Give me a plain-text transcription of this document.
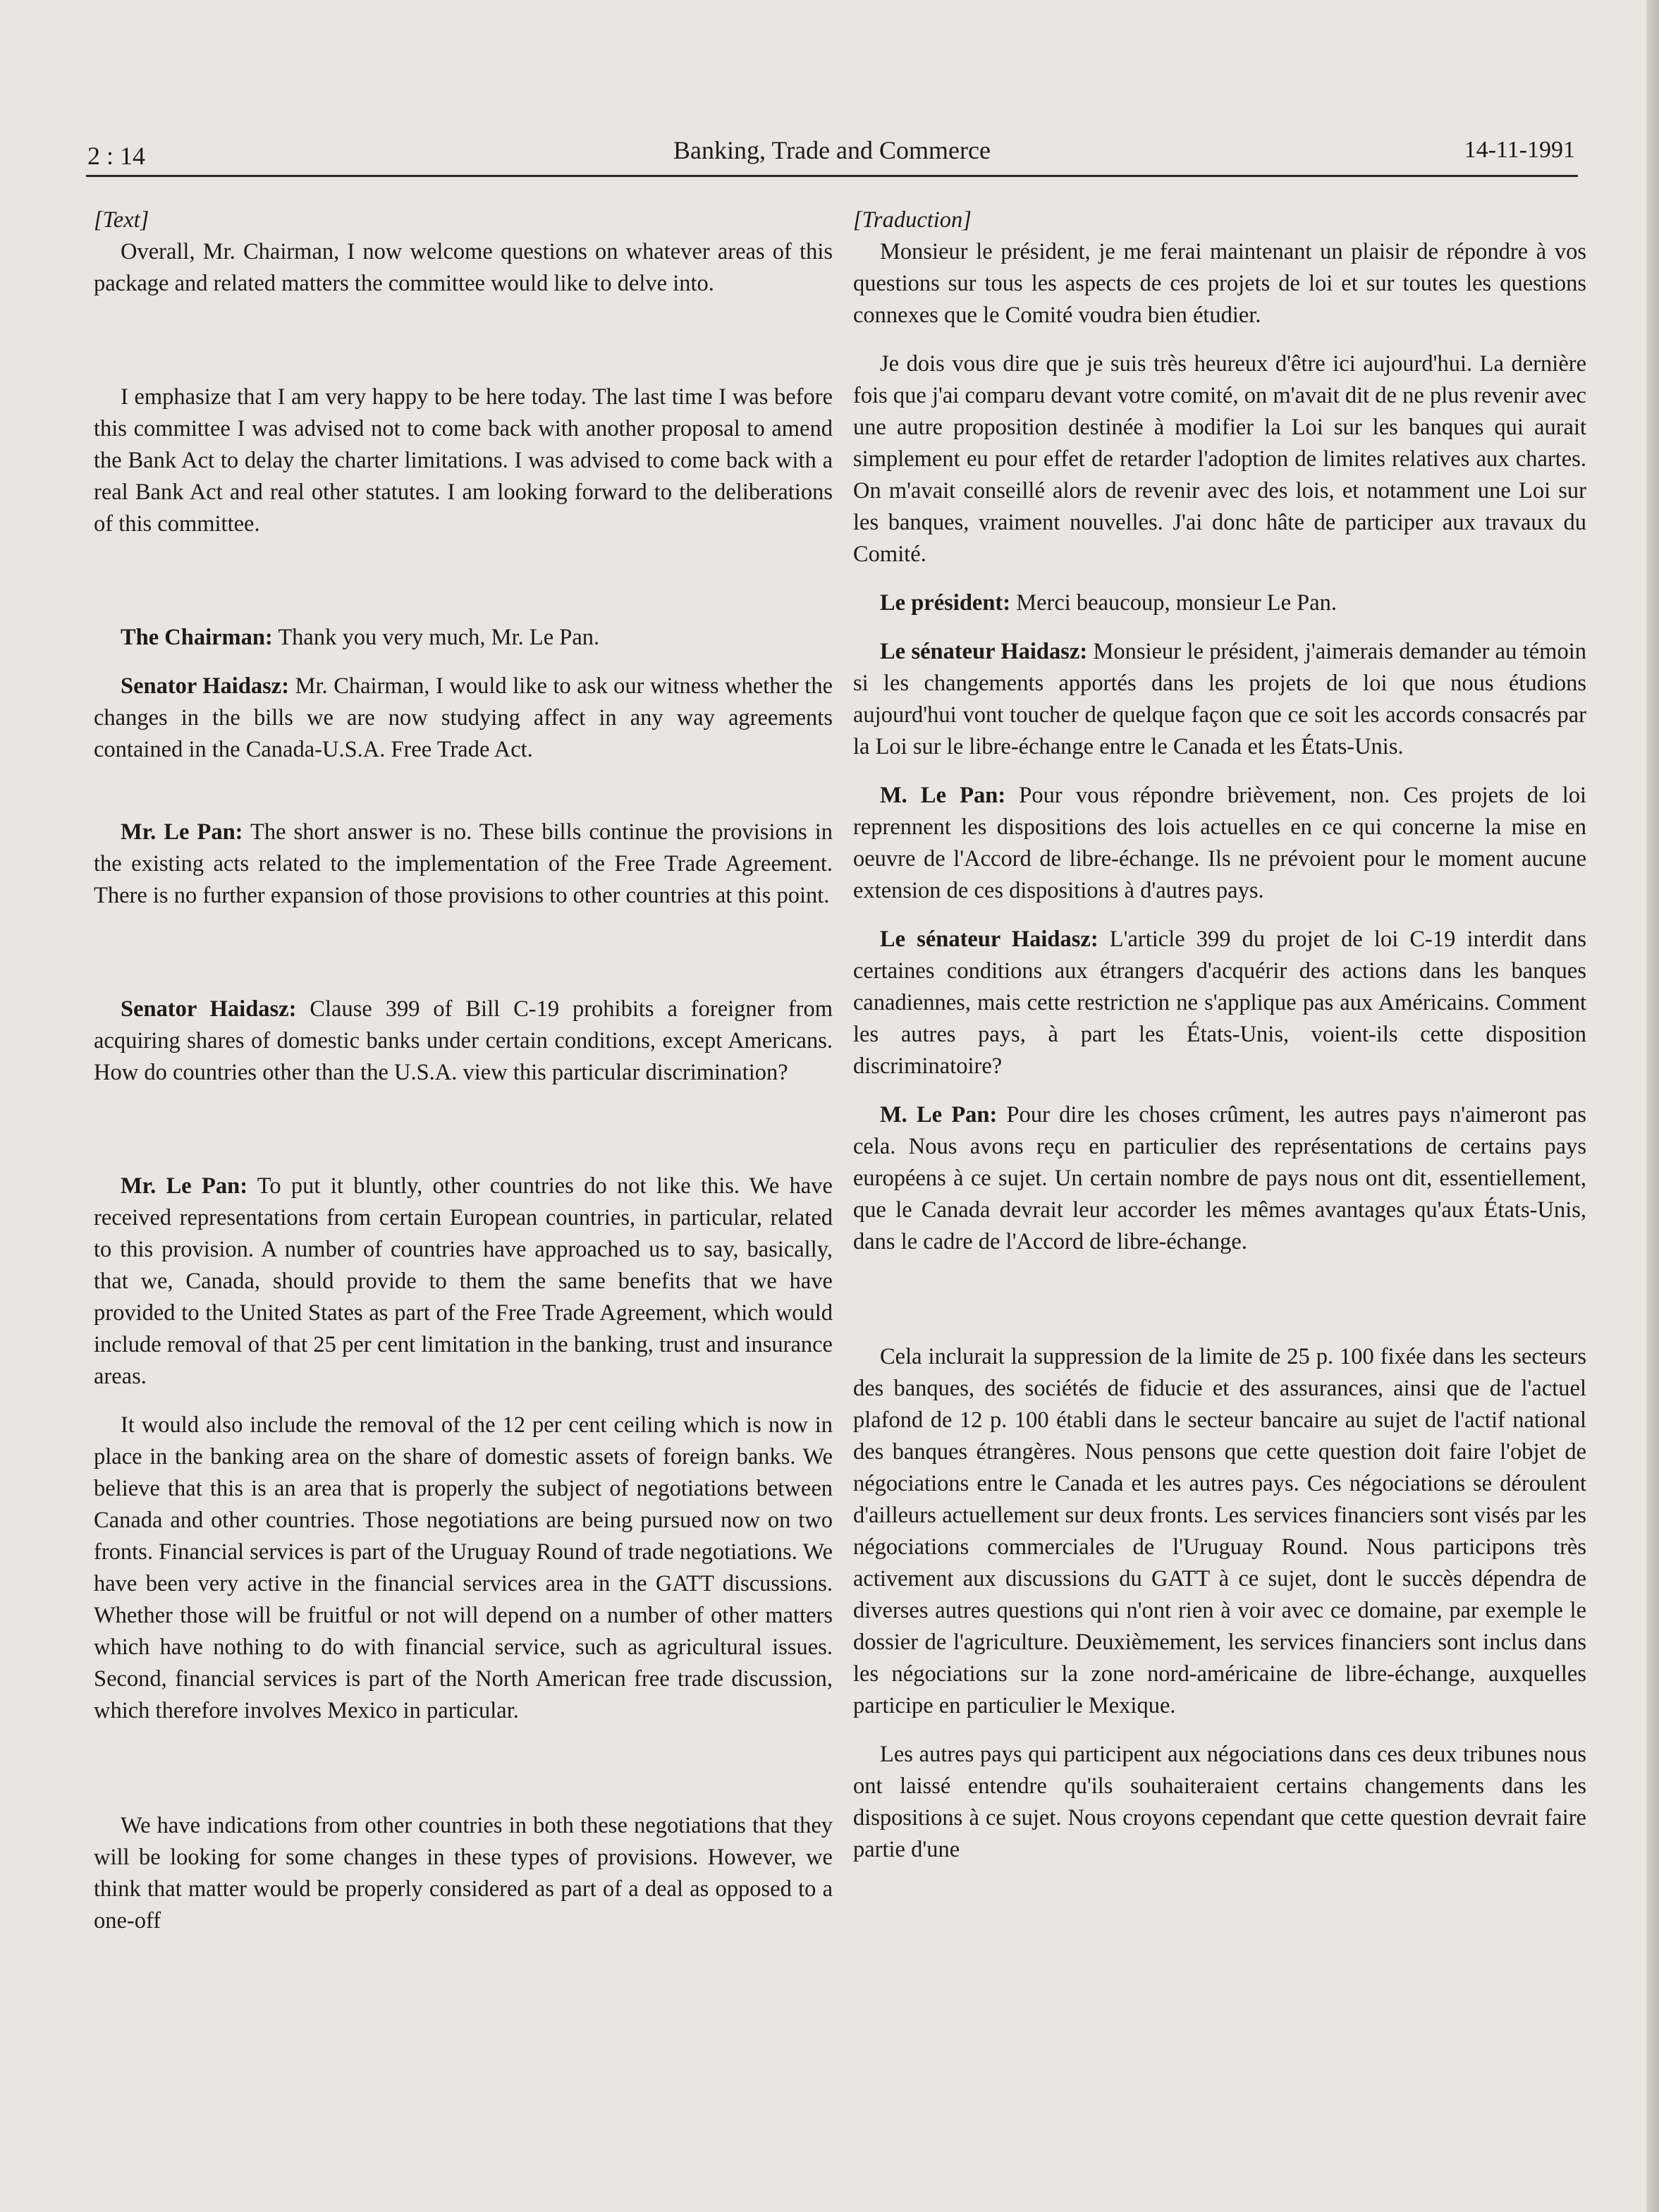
2 : 14	Banking, Trade and Commerce	14-11-1991

[Text]

Overall, Mr. Chairman, I now welcome questions on whatever areas of this package and related matters the committee would like to delve into.

I emphasize that I am very happy to be here today. The last time I was before this committee I was advised not to come back with another proposal to amend the Bank Act to delay the charter limitations. I was advised to come back with a real Bank Act and real other statutes. I am looking forward to the deliberations of this committee.

The Chairman: Thank you very much, Mr. Le Pan.

Senator Haidasz: Mr. Chairman, I would like to ask our witness whether the changes in the bills we are now studying affect in any way agreements contained in the Canada-U.S.A. Free Trade Act.

Mr. Le Pan: The short answer is no. These bills continue the provisions in the existing acts related to the implementation of the Free Trade Agreement. There is no further expansion of those provisions to other countries at this point.

Senator Haidasz: Clause 399 of Bill C-19 prohibits a foreigner from acquiring shares of domestic banks under certain conditions, except Americans. How do countries other than the U.S.A. view this particular discrimination?

Mr. Le Pan: To put it bluntly, other countries do not like this. We have received representations from certain European countries, in particular, related to this provision. A number of countries have approached us to say, basically, that we, Canada, should provide to them the same benefits that we have provided to the United States as part of the Free Trade Agreement, which would include removal of that 25 per cent limitation in the banking, trust and insurance areas.

It would also include the removal of the 12 per cent ceiling which is now in place in the banking area on the share of domestic assets of foreign banks. We believe that this is an area that is properly the subject of negotiations between Canada and other countries. Those negotiations are being pursued now on two fronts. Financial services is part of the Uruguay Round of trade negotiations. We have been very active in the financial services area in the GATT discussions. Whether those will be fruitful or not will depend on a number of other matters which have nothing to do with financial service, such as agricultural issues. Second, financial services is part of the North American free trade discussion, which therefore involves Mexico in particular.

We have indications from other countries in both these negotiations that they will be looking for some changes in these types of provisions. However, we think that matter would be properly considered as part of a deal as opposed to a one-off

[Traduction]

Monsieur le président, je me ferai maintenant un plaisir de répondre à vos questions sur tous les aspects de ces projets de loi et sur toutes les questions connexes que le Comité voudra bien étudier.

Je dois vous dire que je suis très heureux d'être ici aujourd'hui. La dernière fois que j'ai comparu devant votre comité, on m'avait dit de ne plus revenir avec une autre proposition destinée à modifier la Loi sur les banques qui aurait simplement eu pour effet de retarder l'adoption de limites relatives aux chartes. On m'avait conseillé alors de revenir avec des lois, et notamment une Loi sur les banques, vraiment nouvelles. J'ai donc hâte de participer aux travaux du Comité.

Le président: Merci beaucoup, monsieur Le Pan.

Le sénateur Haidasz: Monsieur le président, j'aimerais demander au témoin si les changements apportés dans les projets de loi que nous étudions aujourd'hui vont toucher de quelque façon que ce soit les accords consacrés par la Loi sur le libre-échange entre le Canada et les États-Unis.

M. Le Pan: Pour vous répondre brièvement, non. Ces projets de loi reprennent les dispositions des lois actuelles en ce qui concerne la mise en oeuvre de l'Accord de libre-échange. Ils ne prévoient pour le moment aucune extension de ces dispositions à d'autres pays.

Le sénateur Haidasz: L'article 399 du projet de loi C-19 interdit dans certaines conditions aux étrangers d'acquérir des actions dans les banques canadiennes, mais cette restriction ne s'applique pas aux Américains. Comment les autres pays, à part les États-Unis, voient-ils cette disposition discriminatoire?

M. Le Pan: Pour dire les choses crûment, les autres pays n'aimeront pas cela. Nous avons reçu en particulier des représentations de certains pays européens à ce sujet. Un certain nombre de pays nous ont dit, essentiellement, que le Canada devrait leur accorder les mêmes avantages qu'aux États-Unis, dans le cadre de l'Accord de libre-échange.

Cela inclurait la suppression de la limite de 25 p. 100 fixée dans les secteurs des banques, des sociétés de fiducie et des assurances, ainsi que de l'actuel plafond de 12 p. 100 établi dans le secteur bancaire au sujet de l'actif national des banques étrangères. Nous pensons que cette question doit faire l'objet de négociations entre le Canada et les autres pays. Ces négociations se déroulent d'ailleurs actuellement sur deux fronts. Les services financiers sont visés par les négociations commerciales de l'Uruguay Round. Nous participons très activement aux discussions du GATT à ce sujet, dont le succès dépendra de diverses autres questions qui n'ont rien à voir avec ce domaine, par exemple le dossier de l'agriculture. Deuxièmement, les services financiers sont inclus dans les négociations sur la zone nord-américaine de libre-échange, auxquelles participe en particulier le Mexique.

Les autres pays qui participent aux négociations dans ces deux tribunes nous ont laissé entendre qu'ils souhaiteraient certains changements dans les dispositions à ce sujet. Nous croyons cependant que cette question devrait faire partie d'une
